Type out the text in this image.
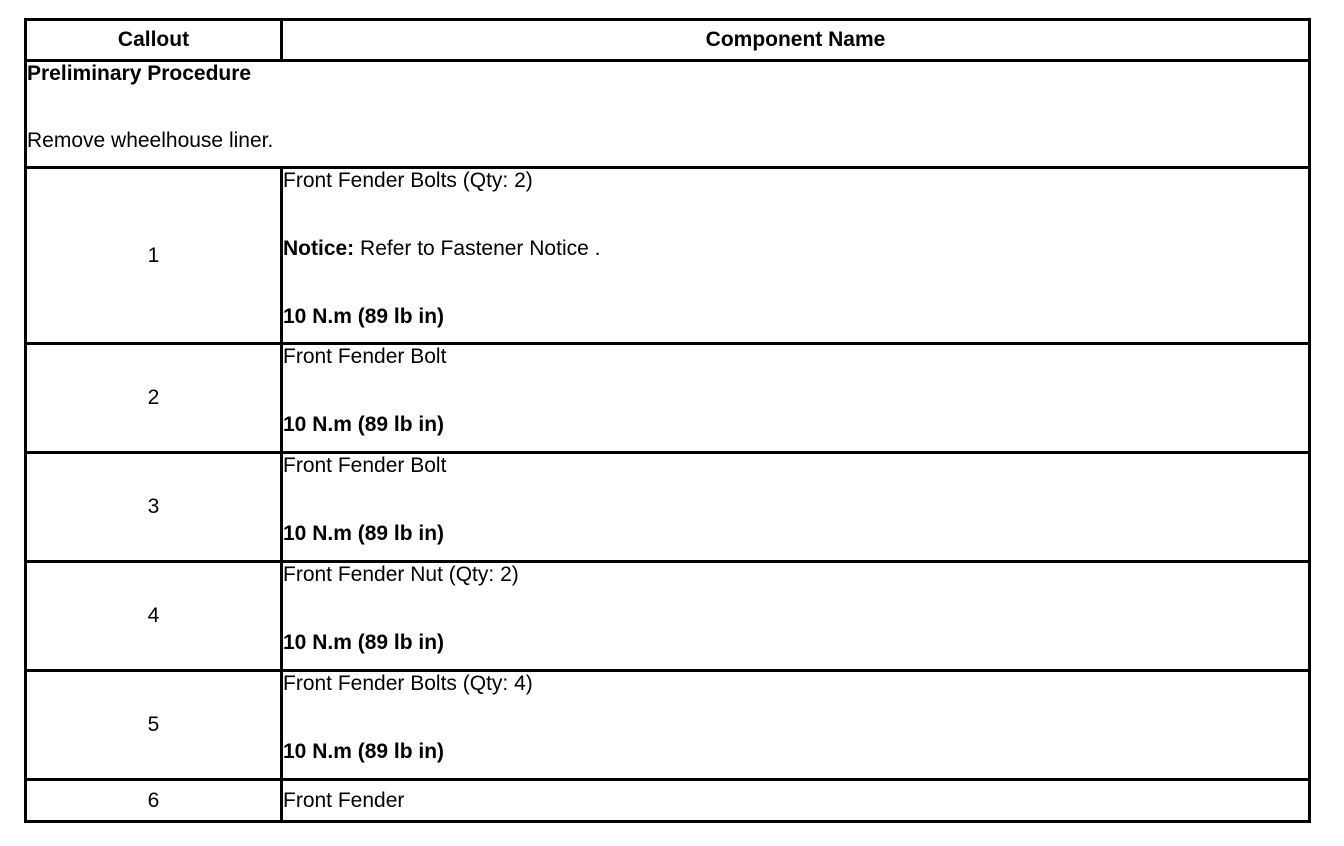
Callout	Component Name

Preliminary Procedure
Remove wheelhouse liner.	

1	Front Fender Bolts (Qty: 2)
Notice: Refer to Fastener Notice .
10 N.m (89 lb in)

2	Front Fender Bolt
10 N.m (89 lb in)

3	Front Fender Bolt
10 N.m (89 lb in)

4	Front Fender Nut (Qty: 2)
10 N.m (89 lb in)

5	Front Fender Bolts (Qty: 4)
10 N.m (89 lb in)

6	Front Fender
